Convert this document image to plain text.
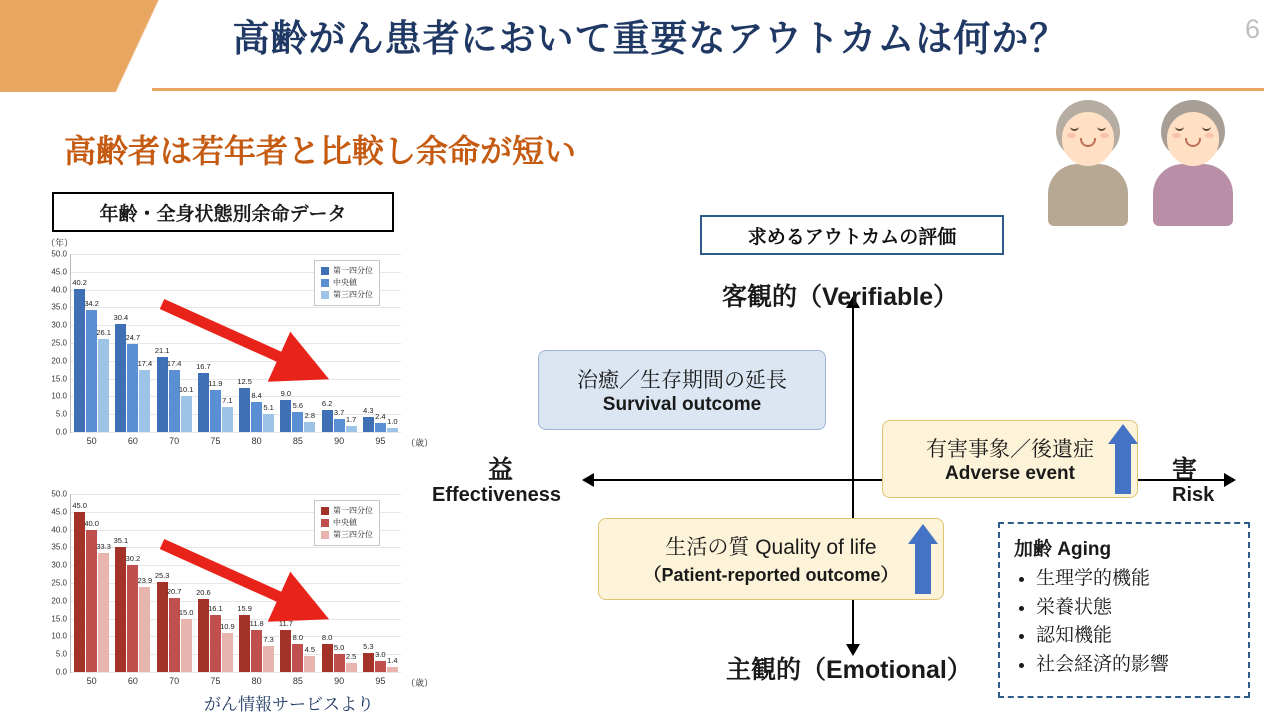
高齢がん患者において重要なアウトカムは何か？	6
高齢者は若年者と比較し余命が短い
年齢・全身状態別余命データ
（年）
0.0
5.0
10.0
15.0
20.0
25.0
30.0
35.0
40.0
45.0
50.0
40.2
34.2
26.1
50
30.4
24.7
17.4
60
21.1
17.4
10.1
70
16.7
11.9
7.1
75
12.5
8.4
5.1
80
9.0
5.6
2.8
85
6.2
3.7
1.7
90
4.3
2.4
1.0
95 （歳）
第一四分位
中央値
第三四分位
0.0
5.0
10.0
15.0
20.0
25.0
30.0
35.0
40.0
45.0
50.0
45.0
40.0
33.3
50
35.1
30.2
23.9
60
25.3
20.7
15.0
70
20.6
16.1
10.9
75
15.9
11.8
7.3
80
11.7
8.0
4.5
85
8.0
5.0
2.5
90
5.3
3.0
1.4
95 （歳）
第一四分位
中央値
第三四分位
がん情報サービスより
求めるアウトカムの評価
客観的（Verifiable）
主観的（Emotional）
益
Effectiveness
害
Risk
治癒／生存期間の延長
Survival outcome
有害事象／後遺症
Adverse event
生活の質 Quality of life
（Patient-reported outcome）
加齢 Aging
• 生理学的機能
• 栄養状態
• 認知機能
• 社会経済的影響
